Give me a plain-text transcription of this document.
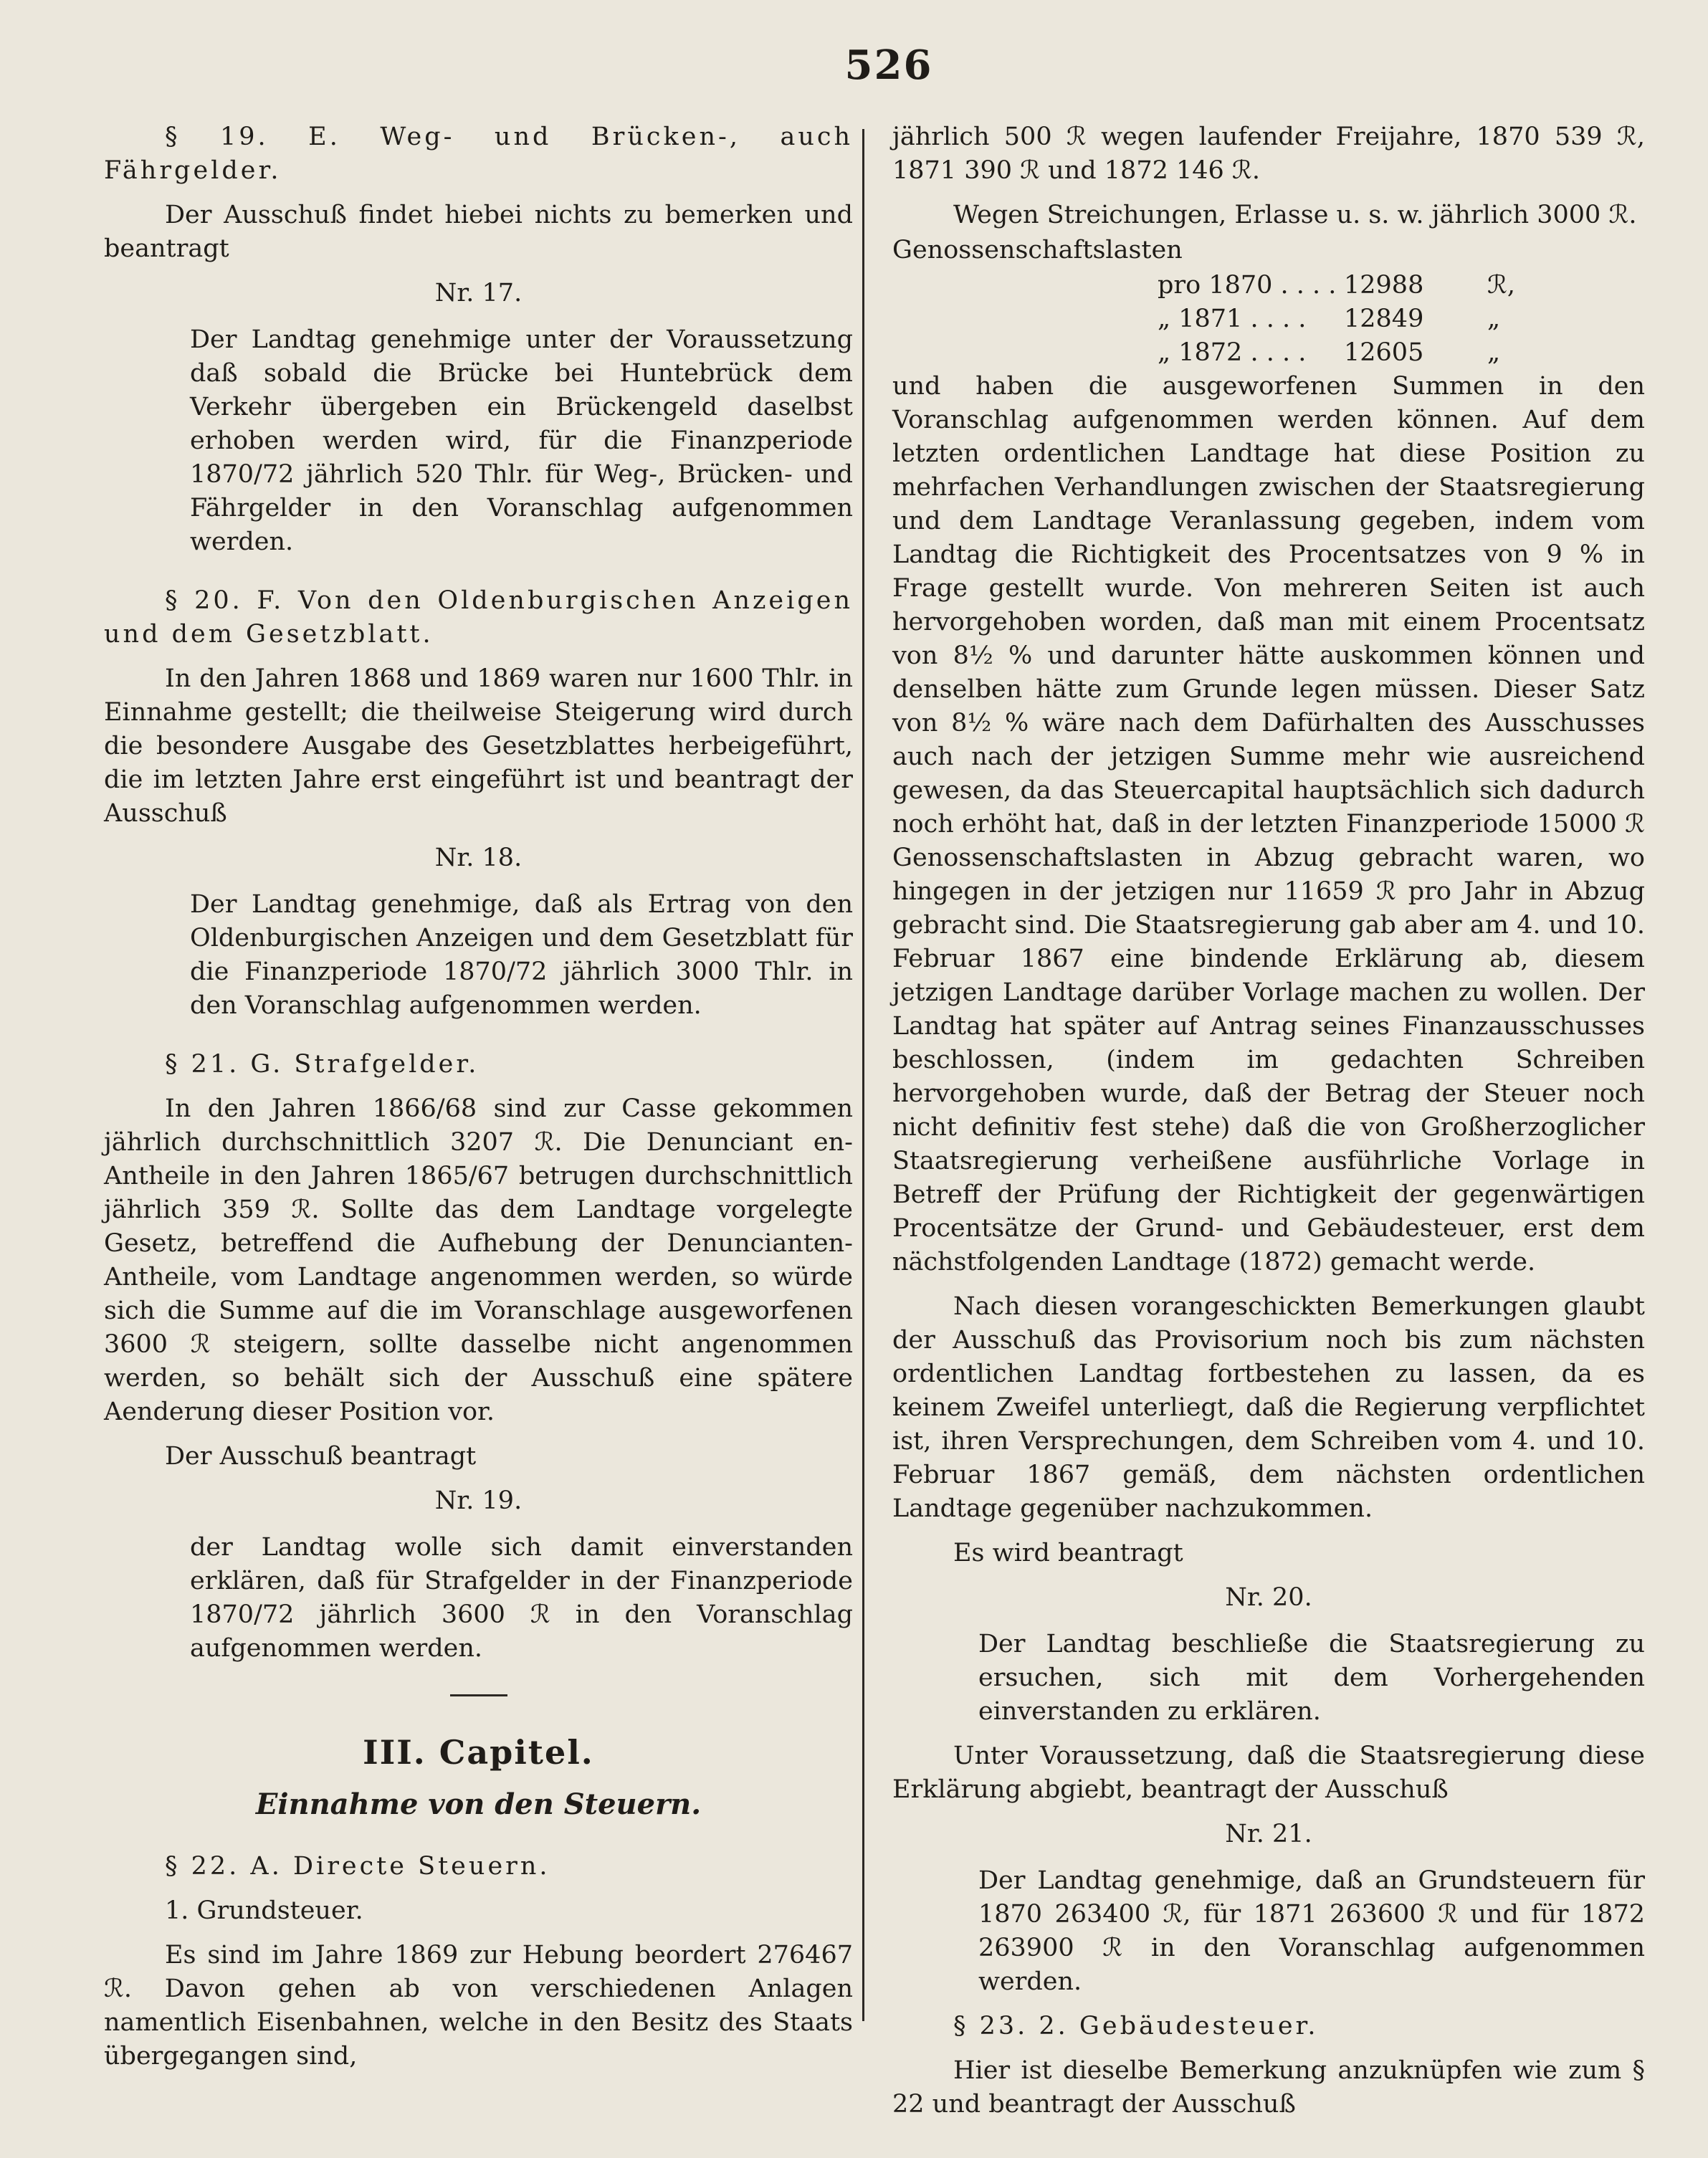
526

§ 19. E. Weg- und Brücken-, auch Fährgelder.

Der Ausschuß findet hiebei nichts zu bemerken und beantragt

Nr. 17.

Der Landtag genehmige unter der Voraussetzung daß sobald die Brücke bei Huntebrück dem Verkehr übergeben ein Brückengeld daselbst erhoben werden wird, für die Finanzperiode 1870/72 jährlich 520 Thlr. für Weg-, Brücken- und Fährgelder in den Voranschlag aufgenommen werden.

§ 20. F. Von den Oldenburgischen Anzeigen und dem Gesetzblatt.

In den Jahren 1868 und 1869 waren nur 1600 Thlr. in Einnahme gestellt; die theilweise Steigerung wird durch die besondere Ausgabe des Gesetzblattes herbeigeführt, die im letzten Jahre erst eingeführt ist und beantragt der Ausschuß

Nr. 18.

Der Landtag genehmige, daß als Ertrag von den Oldenburgischen Anzeigen und dem Gesetzblatt für die Finanzperiode 1870/72 jährlich 3000 Thlr. in den Voranschlag aufgenommen werden.

§ 21. G. Strafgelder.

In den Jahren 1866/68 sind zur Casse gekommen jährlich durchschnittlich 3207 ℛ. Die Denunciant en-Antheile in den Jahren 1865/67 betrugen durchschnittlich jährlich 359 ℛ. Sollte das dem Landtage vorgelegte Gesetz, betreffend die Aufhebung der Denuncianten-Antheile, vom Landtage angenommen werden, so würde sich die Summe auf die im Voranschlage ausgeworfenen 3600 ℛ steigern, sollte dasselbe nicht angenommen werden, so behält sich der Ausschuß eine spätere Aenderung dieser Position vor.

Der Ausschuß beantragt

Nr. 19.

der Landtag wolle sich damit einverstanden erklären, daß für Strafgelder in der Finanzperiode 1870/72 jährlich 3600 ℛ in den Voranschlag aufgenommen werden.

III. Capitel.

Einnahme von den Steuern.

§ 22. A. Directe Steuern.

1. Grundsteuer.

Es sind im Jahre 1869 zur Hebung beordert 276467 ℛ. Davon gehen ab von verschiedenen Anlagen namentlich Eisenbahnen, welche in den Besitz des Staats übergegangen sind,

jährlich 500 ℛ wegen laufender Freijahre, 1870 539 ℛ, 1871 390 ℛ und 1872 146 ℛ.

Wegen Streichungen, Erlasse u. s. w. jährlich 3000 ℛ.

Genossenschaftslasten

pro 1870 . . . . 12988	ℛ,
„ 1871 . . . .	12849	„
„ 1872 . . . .	12605	„

und haben die ausgeworfenen Summen in den Voranschlag aufgenommen werden können. Auf dem letzten ordentlichen Landtage hat diese Position zu mehrfachen Verhandlungen zwischen der Staatsregierung und dem Landtage Veranlassung gegeben, indem vom Landtag die Richtigkeit des Procentsatzes von 9 % in Frage gestellt wurde. Von mehreren Seiten ist auch hervorgehoben worden, daß man mit einem Procentsatz von 8½ % und darunter hätte auskommen können und denselben hätte zum Grunde legen müssen. Dieser Satz von 8½ % wäre nach dem Dafürhalten des Ausschusses auch nach der jetzigen Summe mehr wie ausreichend gewesen, da das Steuercapital hauptsächlich sich dadurch noch erhöht hat, daß in der letzten Finanzperiode 15000 ℛ Genossenschaftslasten in Abzug gebracht waren, wo hingegen in der jetzigen nur 11659 ℛ pro Jahr in Abzug gebracht sind. Die Staatsregierung gab aber am 4. und 10. Februar 1867 eine bindende Erklärung ab, diesem jetzigen Landtage darüber Vorlage machen zu wollen. Der Landtag hat später auf Antrag seines Finanzausschusses beschlossen, (indem im gedachten Schreiben hervorgehoben wurde, daß der Betrag der Steuer noch nicht definitiv fest stehe) daß die von Großherzoglicher Staatsregierung verheißene ausführliche Vorlage in Betreff der Prüfung der Richtigkeit der gegenwärtigen Procentsätze der Grund- und Gebäudesteuer, erst dem nächstfolgenden Landtage (1872) gemacht werde.

Nach diesen vorangeschickten Bemerkungen glaubt der Ausschuß das Provisorium noch bis zum nächsten ordentlichen Landtag fortbestehen zu lassen, da es keinem Zweifel unterliegt, daß die Regierung verpflichtet ist, ihren Versprechungen, dem Schreiben vom 4. und 10. Februar 1867 gemäß, dem nächsten ordentlichen Landtage gegenüber nachzukommen.

Es wird beantragt

Nr. 20.

Der Landtag beschließe die Staatsregierung zu ersuchen, sich mit dem Vorhergehenden einverstanden zu erklären.

Unter Voraussetzung, daß die Staatsregierung diese Erklärung abgiebt, beantragt der Ausschuß

Nr. 21.

Der Landtag genehmige, daß an Grundsteuern für 1870 263400 ℛ, für 1871 263600 ℛ und für 1872 263900 ℛ in den Voranschlag aufgenommen werden.

§ 23. 2. Gebäudesteuer.

Hier ist dieselbe Bemerkung anzuknüpfen wie zum § 22 und beantragt der Ausschuß
